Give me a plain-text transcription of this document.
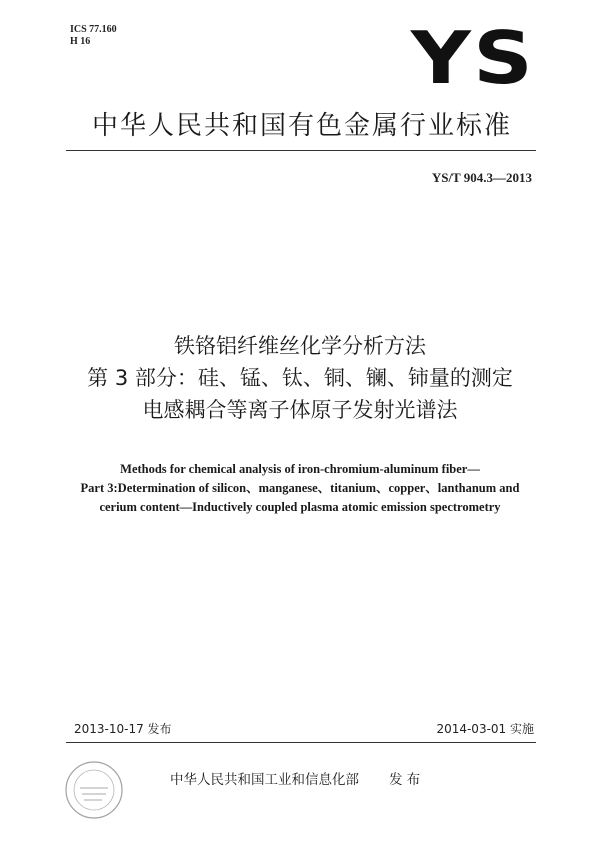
ICS 77.160
H 16	YS
中华人民共和国有色金属行业标准
YS/T 904.3—2013
铁铬铝纤维丝化学分析方法
第 3 部分：硅、锰、钛、铜、镧、铈量的测定
电感耦合等离子体原子发射光谱法
Methods for chemical analysis of iron-chromium-aluminum fiber—
Part 3:Determination of silicon、manganese、titanium、copper、lanthanum and
cerium content—Inductively coupled plasma atomic emission spectrometry
2013-10-17 发布	2014-03-01 实施
中华人民共和国工业和信息化部 发 布
